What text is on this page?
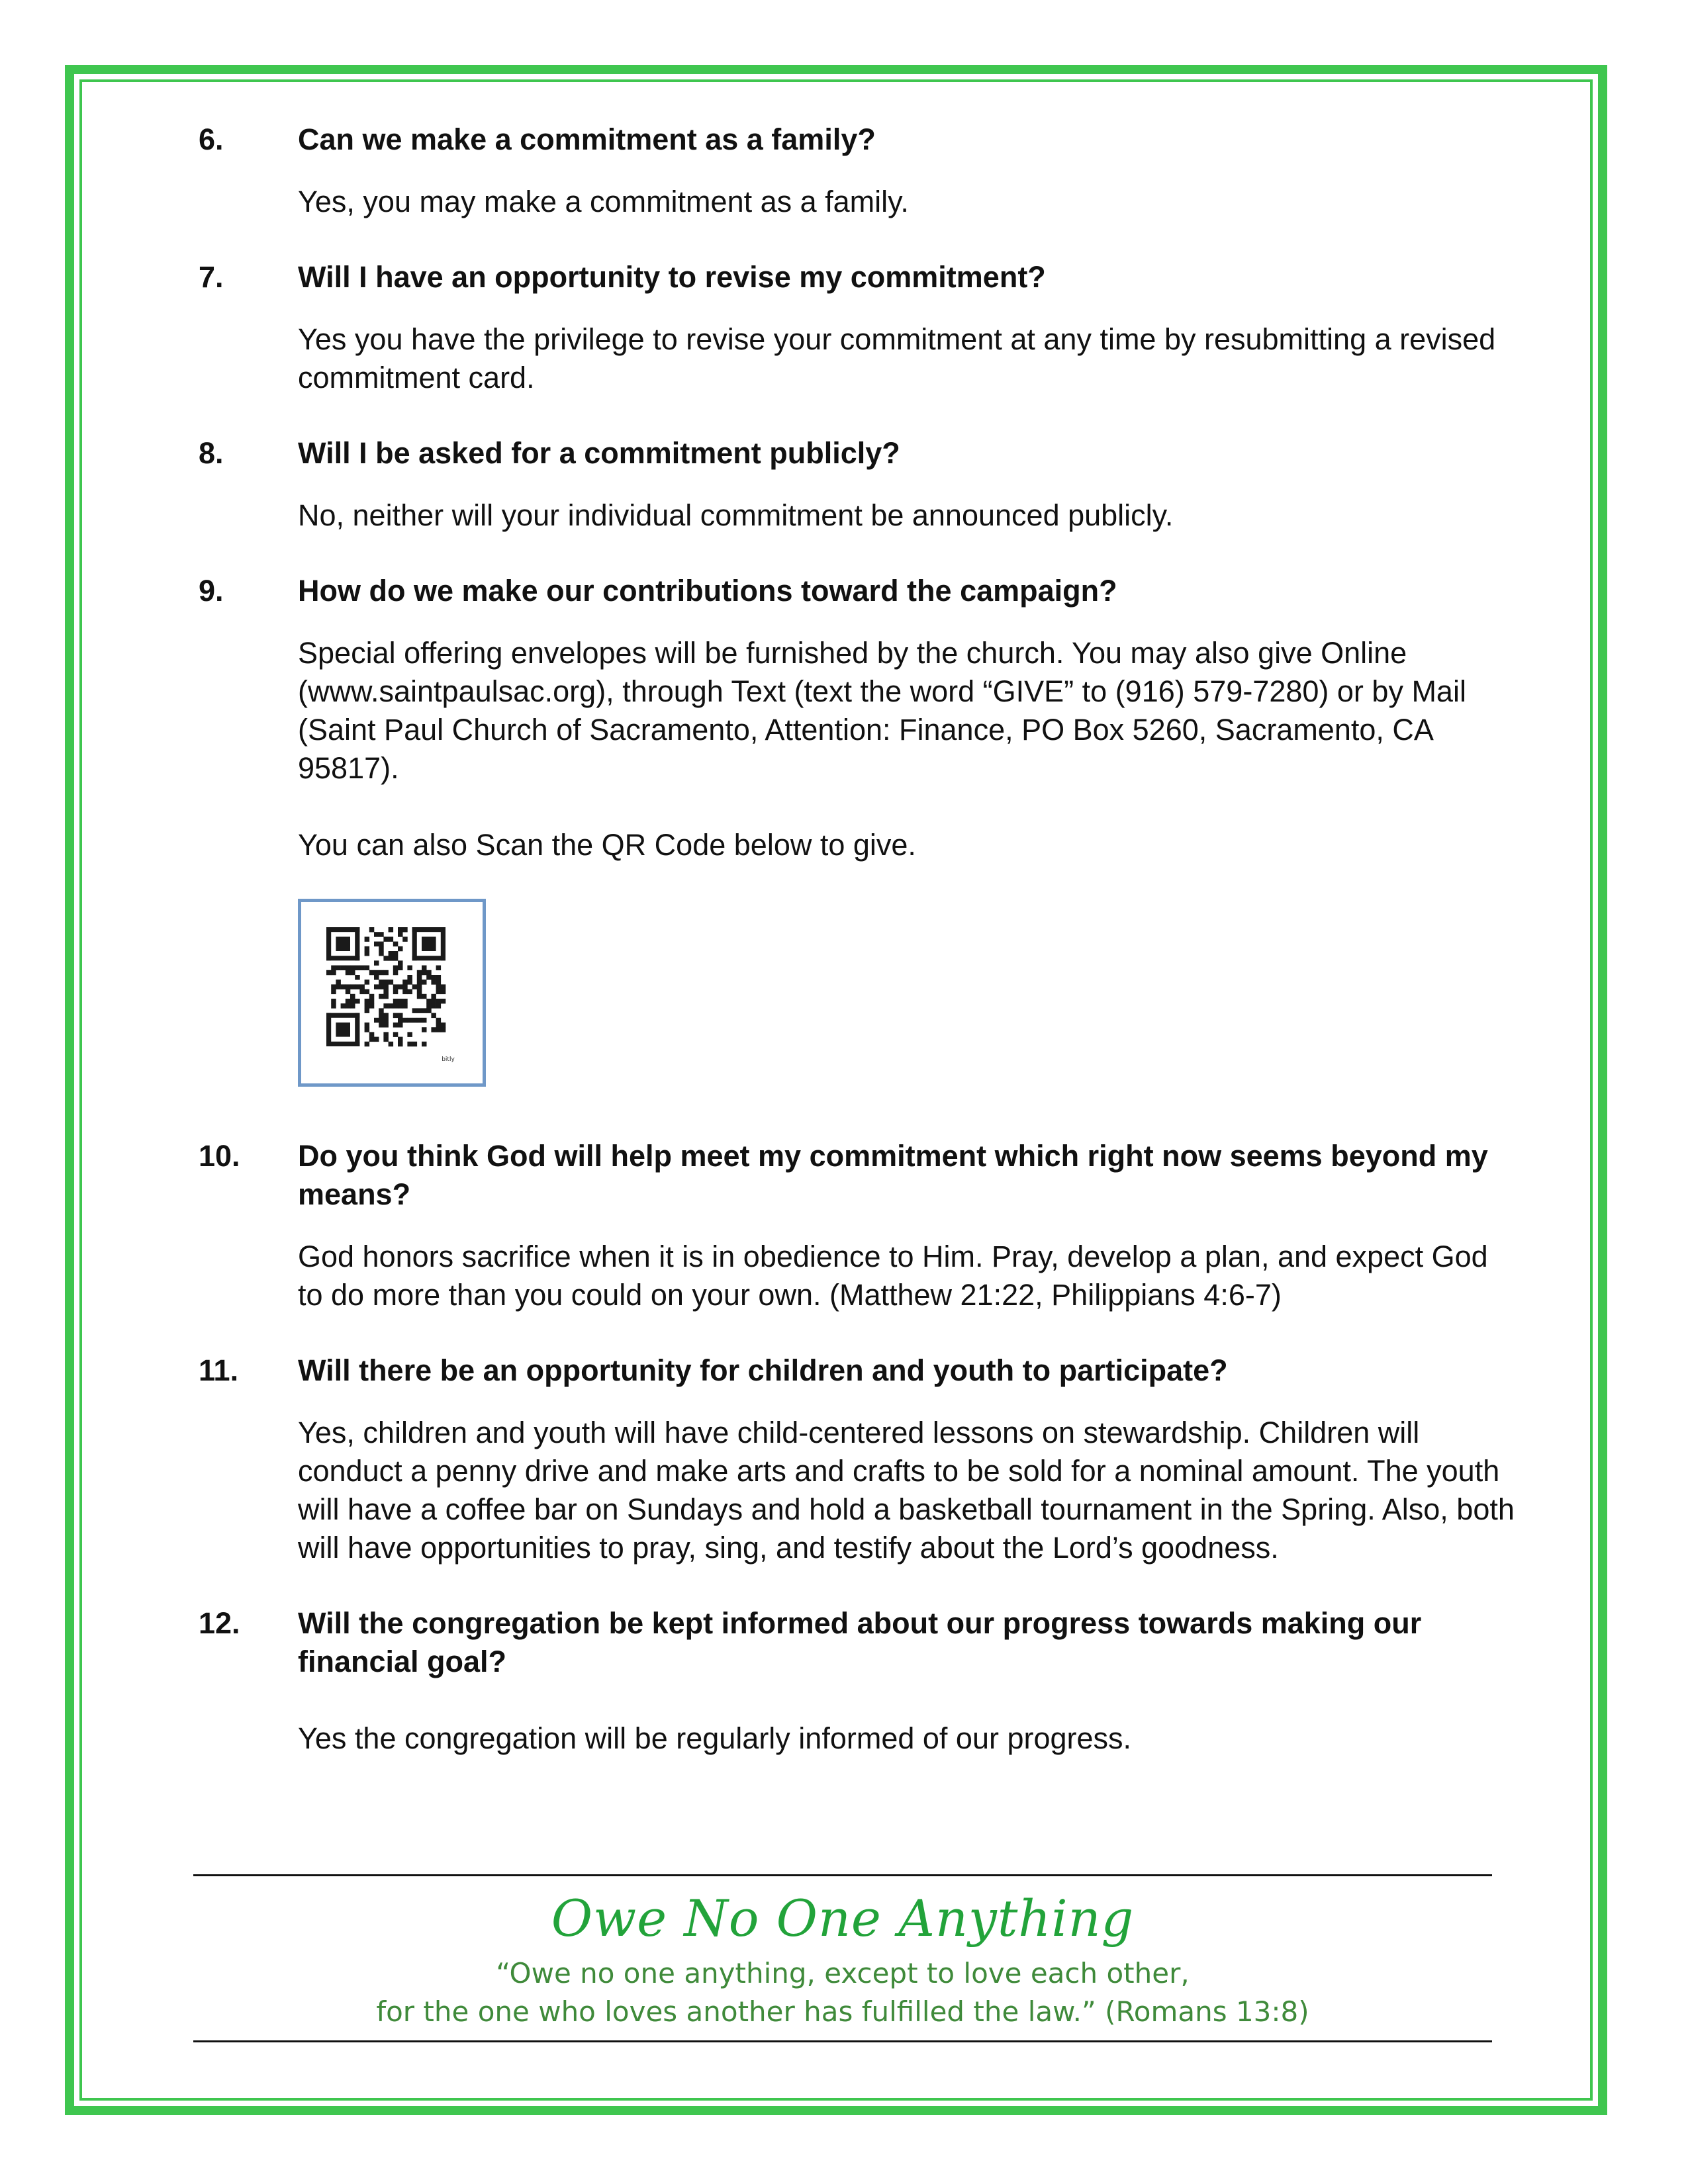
6.	Can we make a commitment as a family?

Yes, you may make a commitment as a family.

7.	Will I have an opportunity to revise my commitment?

Yes you have the privilege to revise your commitment at any time by resubmitting a revised commitment card.

8.	Will I be asked for a commitment publicly?

No, neither will your individual commitment be announced publicly.

9.	How do we make our contributions toward the campaign?

Special offering envelopes will be furnished by the church. You may also give Online (www.saintpaulsac.org), through Text (text the word “GIVE” to (916) 579-7280) or by Mail (Saint Paul Church of Sacramento, Attention: Finance, PO Box 5260, Sacramento, CA 95817).

You can also Scan the QR Code below to give.

bitly
10.	Do you think God will help meet my commitment which right now seems beyond my means?

God honors sacrifice when it is in obedience to Him. Pray, develop a plan, and expect God to do more than you could on your own. (Matthew 21:22, Philippians 4:6-7)

11.	Will there be an opportunity for children and youth to participate?

Yes, children and youth will have child-centered lessons on stewardship. Children will conduct a penny drive and make arts and crafts to be sold for a nominal amount. The youth will have a coffee bar on Sundays and hold a basketball tournament in the Spring. Also, both will have opportunities to pray, sing, and testify about the Lord’s goodness.

12.	Will the congregation be kept informed about our progress towards making our financial goal?

Yes the congregation will be regularly informed of our progress.

Owe No One Anything
“Owe no one anything, except to love each other,
for the one who loves another has fulfilled the law.” (Romans 13:8)
